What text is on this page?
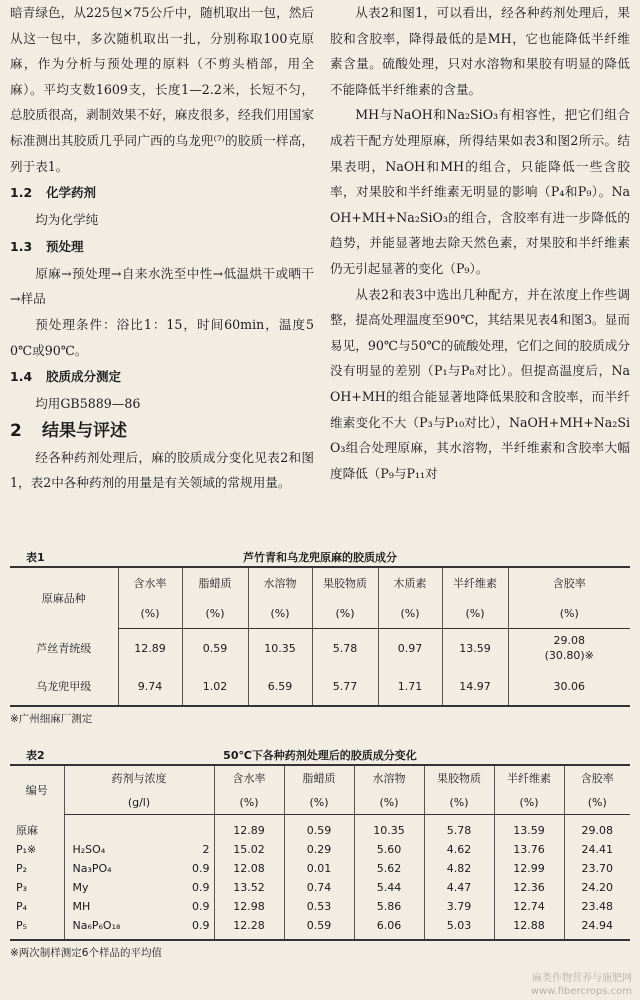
暗青绿色，从225包×75公斤中，随机取出一包，然后从这一包中，多次随机取出一扎，分别称取100克原麻，作为分析与预处理的原料（不剪头梢部，用全麻）。平均支数1609支，长度1—2.2米，长短不匀，总胶质很高，剥制效果不好，麻皮很多，经我们用国家标准测出其胶质几乎同广西的乌龙兜⁽⁷⁾的胶质一样高，列于表1。

1.2 化学药剂

均为化学纯

1.3 预处理

原麻→预处理→自来水洗至中性→低温烘干或晒干→样品

预处理条件：浴比1：15，时间60min，温度50℃或90℃。

1.4 胶质成分测定

均用GB5889—86

2 结果与评述

经各种药剂处理后，麻的胶质成分变化见表2和图1，表2中各种药剂的用量是有关领域的常规用量。

从表2和图1，可以看出，经各种药剂处理后，果胶和含胶率，降得最低的是MH，它也能降低半纤维素含量。硫酸处理，只对水溶物和果胶有明显的降低不能降低半纤维素的含量。

MH与NaOH和Na₂SiO₃有相容性，把它们组合成若干配方处理原麻，所得结果如表3和图2所示。结果表明，NaOH和MH的组合，只能降低一些含胶率，对果胶和半纤维素无明显的影响（P₄和P₉）。NaOH+MH+Na₂SiO₃的组合，含胶率有进一步降低的趋势，并能显著地去除天然色素，对果胶和半纤维素仍无引起显著的变化（P₉）。

从表2和表3中选出几种配方，并在浓度上作些调整，提高处理温度至90℃，其结果见表4和图3。显而易见，90℃与50℃的硫酸处理，它们之间的胶质成分没有明显的差别（P₁与P₈对比）。但提高温度后，NaOH+MH的组合能显著地降低果胶和含胶率，而半纤维素变化不大（P₃与P₁₀对比），NaOH+MH+Na₂SiO₃组合处理原麻，其水溶物，半纤维素和含胶率大幅度降低（P₉与P₁₁对

表1	芦竹青和乌龙兜原麻的胶质成分
原麻品种	含水率	脂蜡质	水溶物	果胶物质	木质素	半纤维素	含胶率
	(%)	(%)	(%)	(%)	(%)	(%)	(%)
芦丝青统级	12.89	0.59	10.35	5.78	0.97	13.59	29.08
(30.80)※

乌龙兜甲级	9.74	1.02	6.59	5.77	1.71	14.97	30.06
※广州细麻厂测定
表2	50℃下各种药剂处理后的胶质成分变化
编号	药剂与浓度		含水率	脂蜡质	水溶物	果胶物质	半纤维素	含胶率
	(g/l)		(%)	(%)	(%)	(%)	(%)	(%)
原麻			12.89	0.59	10.35	5.78	13.59	29.08
P₁※	H₂SO₄	2	15.02	0.29	5.60	4.62	13.76	24.41
P₂	Na₃PO₄	0.9	12.08	0.01	5.62	4.82	12.99	23.70
P₃	My	0.9	13.52	0.74	5.44	4.47	12.36	24.20
P₄	MH	0.9	12.98	0.53	5.86	3.79	12.74	23.48
P₅	Na₆P₆O₁₈	0.9	12.28	0.59	6.06	5.03	12.88	24.94
※两次制样测定6个样品的平均值
麻类作物营养与施肥网
www.fibercrops.com
